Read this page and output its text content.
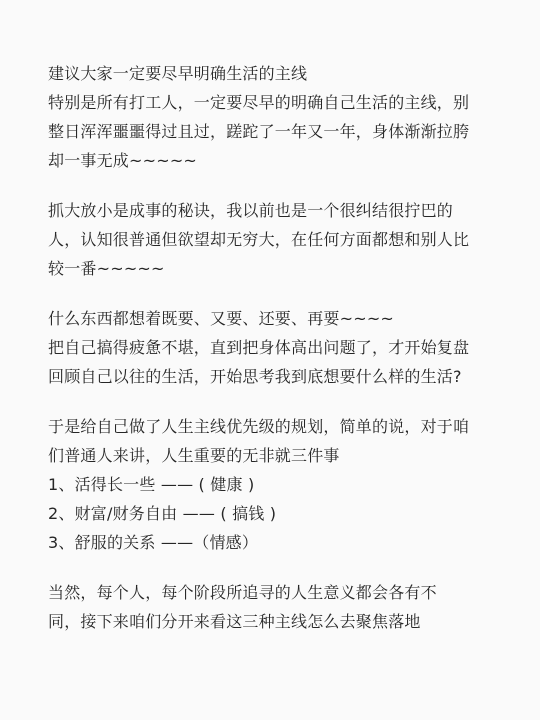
建议大家一定要尽早明确生活的主线
特别是所有打工人，一定要尽早的明确自己生活的主线，别
整日浑浑噩噩得过且过，蹉跎了一年又一年，身体渐渐拉胯
却一事无成~~~~~
抓大放小是成事的秘诀，我以前也是一个很纠结很拧巴的
人，认知很普通但欲望却无穷大，在任何方面都想和别人比
较一番~~~~~
什么东西都想着既要、又要、还要、再要~~~~
把自己搞得疲惫不堪，直到把身体高出问题了，才开始复盘
回顾自己以往的生活，开始思考我到底想要什么样的生活?
于是给自己做了人生主线优先级的规划，简单的说，对于咱
们普通人来讲，人生重要的无非就三件事
1、活得长一些 —— ( 健康 )
2、财富/财务自由 —— ( 搞钱 )
3、舒服的关系 ——（情感）
当然，每个人，每个阶段所追寻的人生意义都会各有不
同，接下来咱们分开来看这三种主线怎么去聚焦落地
